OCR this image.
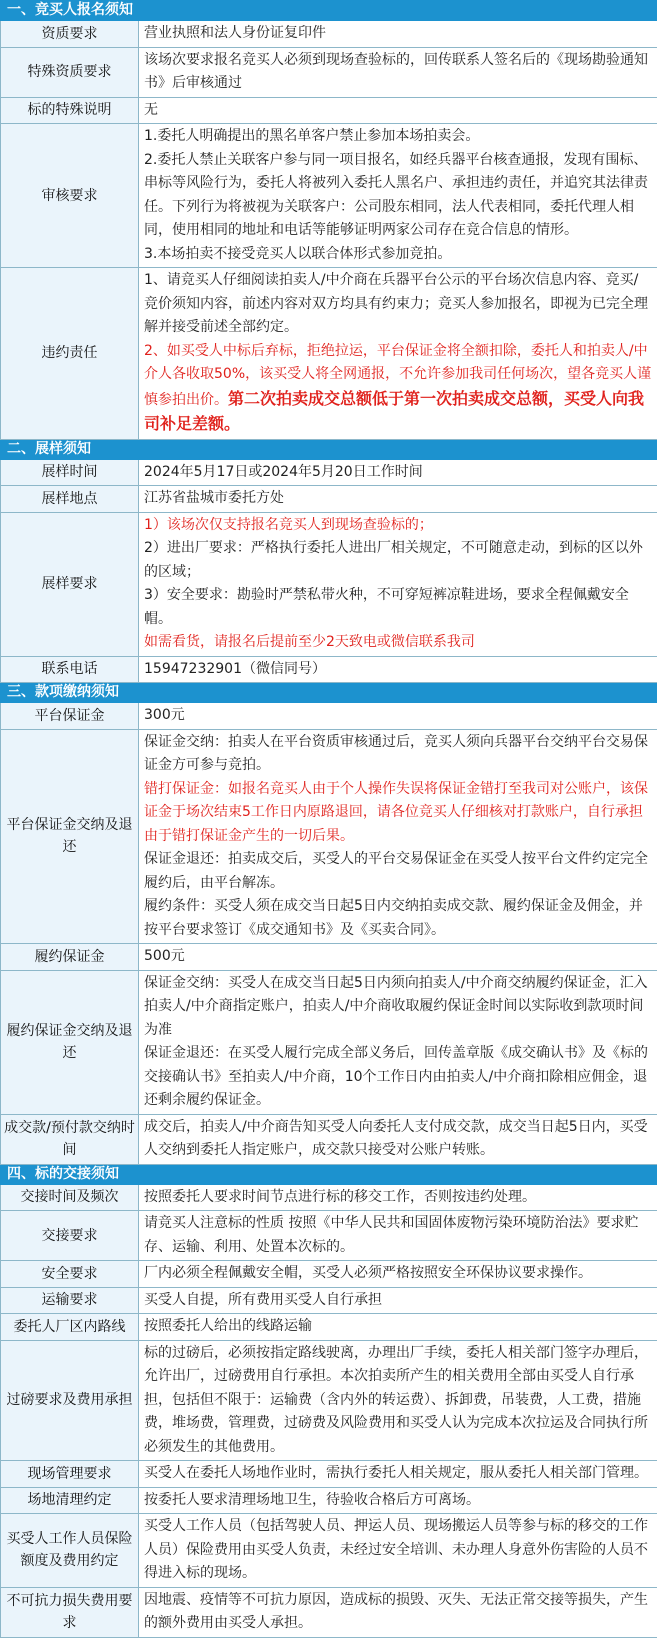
一、竞买人报名须知	
资质要求	营业执照和法人身份证复印件
特殊资质要求	该场次要求报名竞买人必须到现场查验标的，回传联系人签名后的《现场勘验通知书》后审核通过
标的特殊说明	无
审核要求	1.委托人明确提出的黑名单客户禁止参加本场拍卖会。
2.委托人禁止关联客户参与同一项目报名，如经兵器平台核查通报，发现有围标、串标等风险行为，委托人将被列入委托人黑名户、承担违约责任，并追究其法律责任。下列行为将被视为关联客户：公司股东相同，法人代表相同，委托代理人相同，使用相同的地址和电话等能够证明两家公司存在竞合信息的情形。
3.本场拍卖不接受竞买人以联合体形式参加竞拍。

违约责任	1、请竞买人仔细阅读拍卖人/中介商在兵器平台公示的平台场次信息内容、竞买/竞价须知内容，前述内容对双方均具有约束力；竞买人参加报名，即视为已完全理解并接受前述全部约定。
2、如买受人中标后弃标，拒绝拉运，平台保证金将全额扣除，委托人和拍卖人/中介人各收取50%，该买受人将全网通报，不允许参加我司任何场次，望各竞买人谨慎参拍出价。第二次拍卖成交总额低于第一次拍卖成交总额，买受人向我司补足差额。
二、展样须知	
展样时间	2024年5月17日或2024年5月20日工作时间
展样地点	江苏省盐城市委托方处
展样要求	1）该场次仅支持报名竞买人到现场查验标的；
2）进出厂要求：严格执行委托人进出厂相关规定，不可随意走动，到标的区以外的区域；
3）安全要求：勘验时严禁私带火种，不可穿短裤凉鞋进场，要求全程佩戴安全帽。
如需看货，请报名后提前至少2天致电或微信联系我司

联系电话	15947232901（微信同号）
三、款项缴纳须知	
平台保证金	300元
平台保证金交纳及退还	保证金交纳：拍卖人在平台资质审核通过后，竞买人须向兵器平台交纳平台交易保证金方可参与竞拍。
错打保证金：如报名竞买人由于个人操作失误将保证金错打至我司对公账户，该保证金于场次结束5工作日内原路退回，请各位竞买人仔细核对打款账户，自行承担由于错打保证金产生的一切后果。
保证金退还：拍卖成交后，买受人的平台交易保证金在买受人按平台文件约定完全履约后，由平台解冻。
履约条件：买受人须在成交当日起5日内交纳拍卖成交款、履约保证金及佣金，并按平台要求签订《成交通知书》及《买卖合同》。

履约保证金	500元
履约保证金交纳及退还	保证金交纳：买受人在成交当日起5日内须向拍卖人/中介商交纳履约保证金，汇入拍卖人/中介商指定账户，拍卖人/中介商收取履约保证金时间以实际收到款项时间为准
保证金退还：在买受人履行完成全部义务后，回传盖章版《成交确认书》及《标的交接确认书》至拍卖人/中介商，10个工作日内由拍卖人/中介商扣除相应佣金，退还剩余履约保证金。

成交款/预付款交纳时间	成交后，拍卖人/中介商告知买受人向委托人支付成交款，成交当日起5日内，买受人交纳到委托人指定账户，成交款只接受对公账户转账。
四、标的交接须知	
交接时间及频次	按照委托人要求时间节点进行标的移交工作，否则按违约处理。
交接要求	请竞买人注意标的性质 按照《中华人民共和国固体废物污染环境防治法》要求贮存、运输、利用、处置本次标的。
安全要求	厂内必须全程佩戴安全帽，买受人必须严格按照安全环保协议要求操作。
运输要求	买受人自提，所有费用买受人自行承担
委托人厂区内路线	按照委托人给出的线路运输
过磅要求及费用承担	标的过磅后，必须按指定路线驶离，办理出厂手续，委托人相关部门签字办理后，允许出厂，过磅费用自行承担。本次拍卖所产生的相关费用全部由买受人自行承担，包括但不限于：运输费（含内外的转运费）、拆卸费，吊装费，人工费，措施费，堆场费，管理费，过磅费及风险费用和买受人认为完成本次拉运及合同执行所必须发生的其他费用。
现场管理要求	买受人在委托人场地作业时，需执行委托人相关规定，服从委托人相关部门管理。
场地清理约定	按委托人要求清理场地卫生，待验收合格后方可离场。
买受人工作人员保险额度及费用约定	买受人工作人员（包括驾驶人员、押运人员、现场搬运人员等参与标的移交的工作人员）保险费用由买受人负责，未经过安全培训、未办理人身意外伤害险的人员不得进入标的现场。
不可抗力损失费用要求	因地震、疫情等不可抗力原因，造成标的损毁、灭失、无法正常交接等损失，产生的额外费用由买受人承担。
